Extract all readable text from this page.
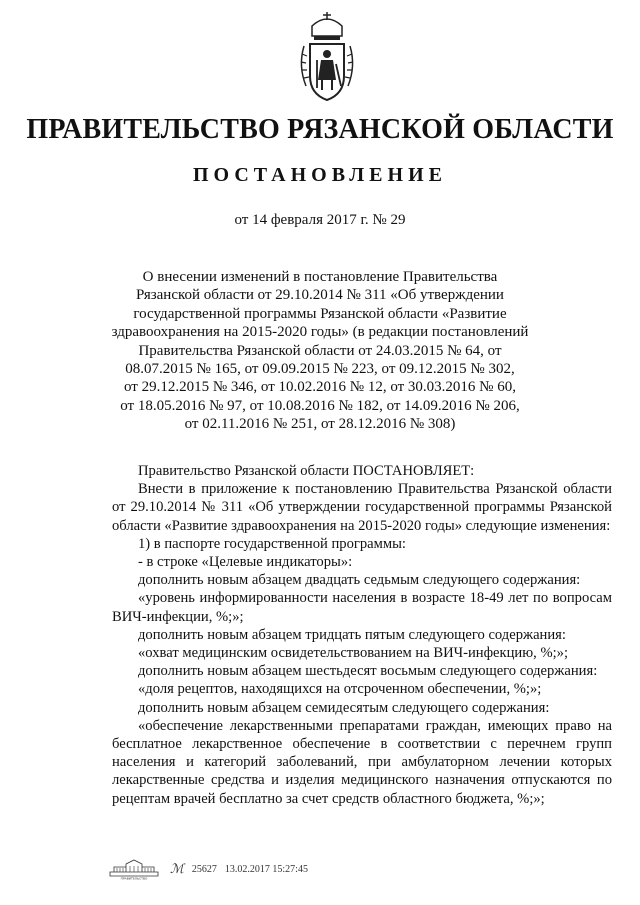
ПРАВИТЕЛЬСТВО РЯЗАНСКОЙ ОБЛАСТИ
ПОСТАНОВЛЕНИЕ
от 14 февраля 2017 г. № 29
О внесении изменений в постановление Правительства
Рязанской области от 29.10.2014 № 311 «Об утверждении
государственной программы Рязанской области «Развитие
здравоохранения на 2015-2020 годы» (в редакции постановлений
Правительства Рязанской области от 24.03.2015 № 64, от
08.07.2015 № 165, от 09.09.2015 № 223, от 09.12.2015 № 302,
от 29.12.2015 № 346, от 10.02.2016 № 12, от 30.03.2016 № 60,
от 18.05.2016 № 97, от 10.08.2016 № 182, от 14.09.2016 № 206,
от 02.11.2016 № 251, от 28.12.2016 № 308)

Правительство Рязанской области ПОСТАНОВЛЯЕТ:

Внести в приложение к постановлению Правительства Рязанской области от 29.10.2014 № 311 «Об утверждении государственной программы Рязанской области «Развитие здравоохранения на 2015-2020 годы» следующие изменения:

1) в паспорте государственной программы:

- в строке «Целевые индикаторы»:

дополнить новым абзацем двадцать седьмым следующего содержания:

«уровень информированности населения в возрасте 18-49 лет по вопросам ВИЧ-инфекции, %;»;

дополнить новым абзацем тридцать пятым следующего содержания:

«охват медицинским освидетельствованием на ВИЧ-инфекцию, %;»;

дополнить новым абзацем шестьдесят восьмым следующего содержания:

«доля рецептов, находящихся на отсроченном обеспечении, %;»;

дополнить новым абзацем семидесятым следующего содержания:

«обеспечение лекарственными препаратами граждан, имеющих право на бесплатное лекарственное обеспечение в соответствии с перечнем групп населения и категорий заболеваний, при амбулаторном лечении которых лекарственные средства и изделия медицинского назначения отпускаются по рецептам врачей бесплатно за счет средств областного бюджета, %;»;

ПРАВИТЕЛЬСТВО
ℳ 25627 13.02.2017 15:27:45
